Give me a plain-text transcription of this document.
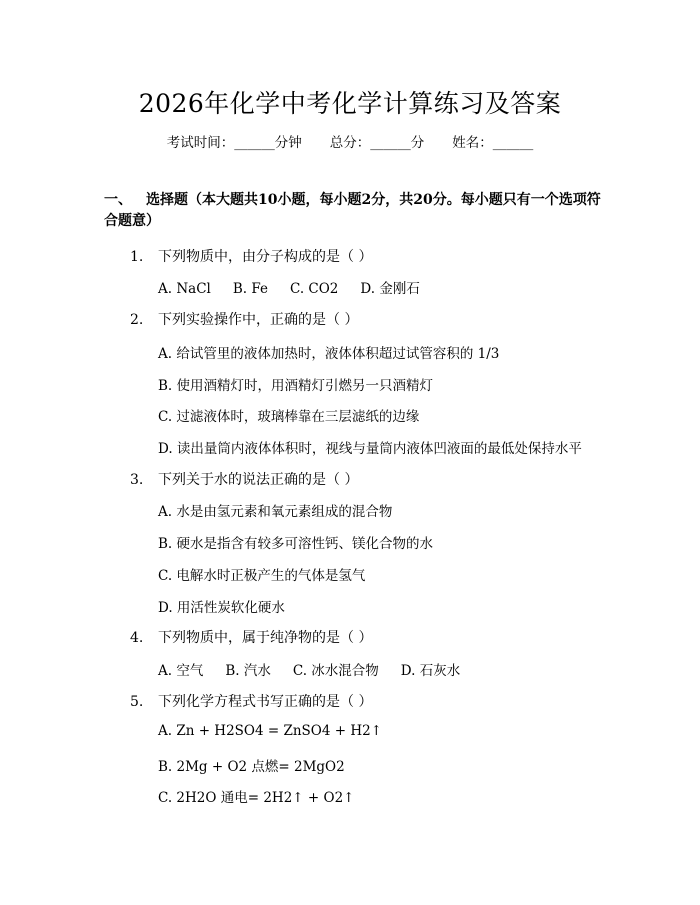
2026年化学中考化学计算练习及答案
考试时间：______分钟 总分：______分 姓名：______
一、 选择题（本大题共10小题，每小题2分，共20分。每小题只有一个选项符合题意）
1. 下列物质中，由分子构成的是（ ）
A. NaCl B. Fe C. CO2 D. 金刚石
2. 下列实验操作中，正确的是（ ）
A. 给试管里的液体加热时，液体体积超过试管容积的 1/3
B. 使用酒精灯时，用酒精灯引燃另一只酒精灯
C. 过滤液体时，玻璃棒靠在三层滤纸的边缘
D. 读出量筒内液体体积时，视线与量筒内液体凹液面的最低处保持水平
3. 下列关于水的说法正确的是（ ）
A. 水是由氢元素和氧元素组成的混合物
B. 硬水是指含有较多可溶性钙、镁化合物的水
C. 电解水时正极产生的气体是氢气
D. 用活性炭软化硬水
4. 下列物质中，属于纯净物的是（ ）
A. 空气 B. 汽水 C. 冰水混合物 D. 石灰水
5. 下列化学方程式书写正确的是（ ）
A. Zn + H2SO4 = ZnSO4 + H2↑
B. 2Mg + O2 点燃= 2MgO2
C. 2H2O 通电= 2H2↑ + O2↑
